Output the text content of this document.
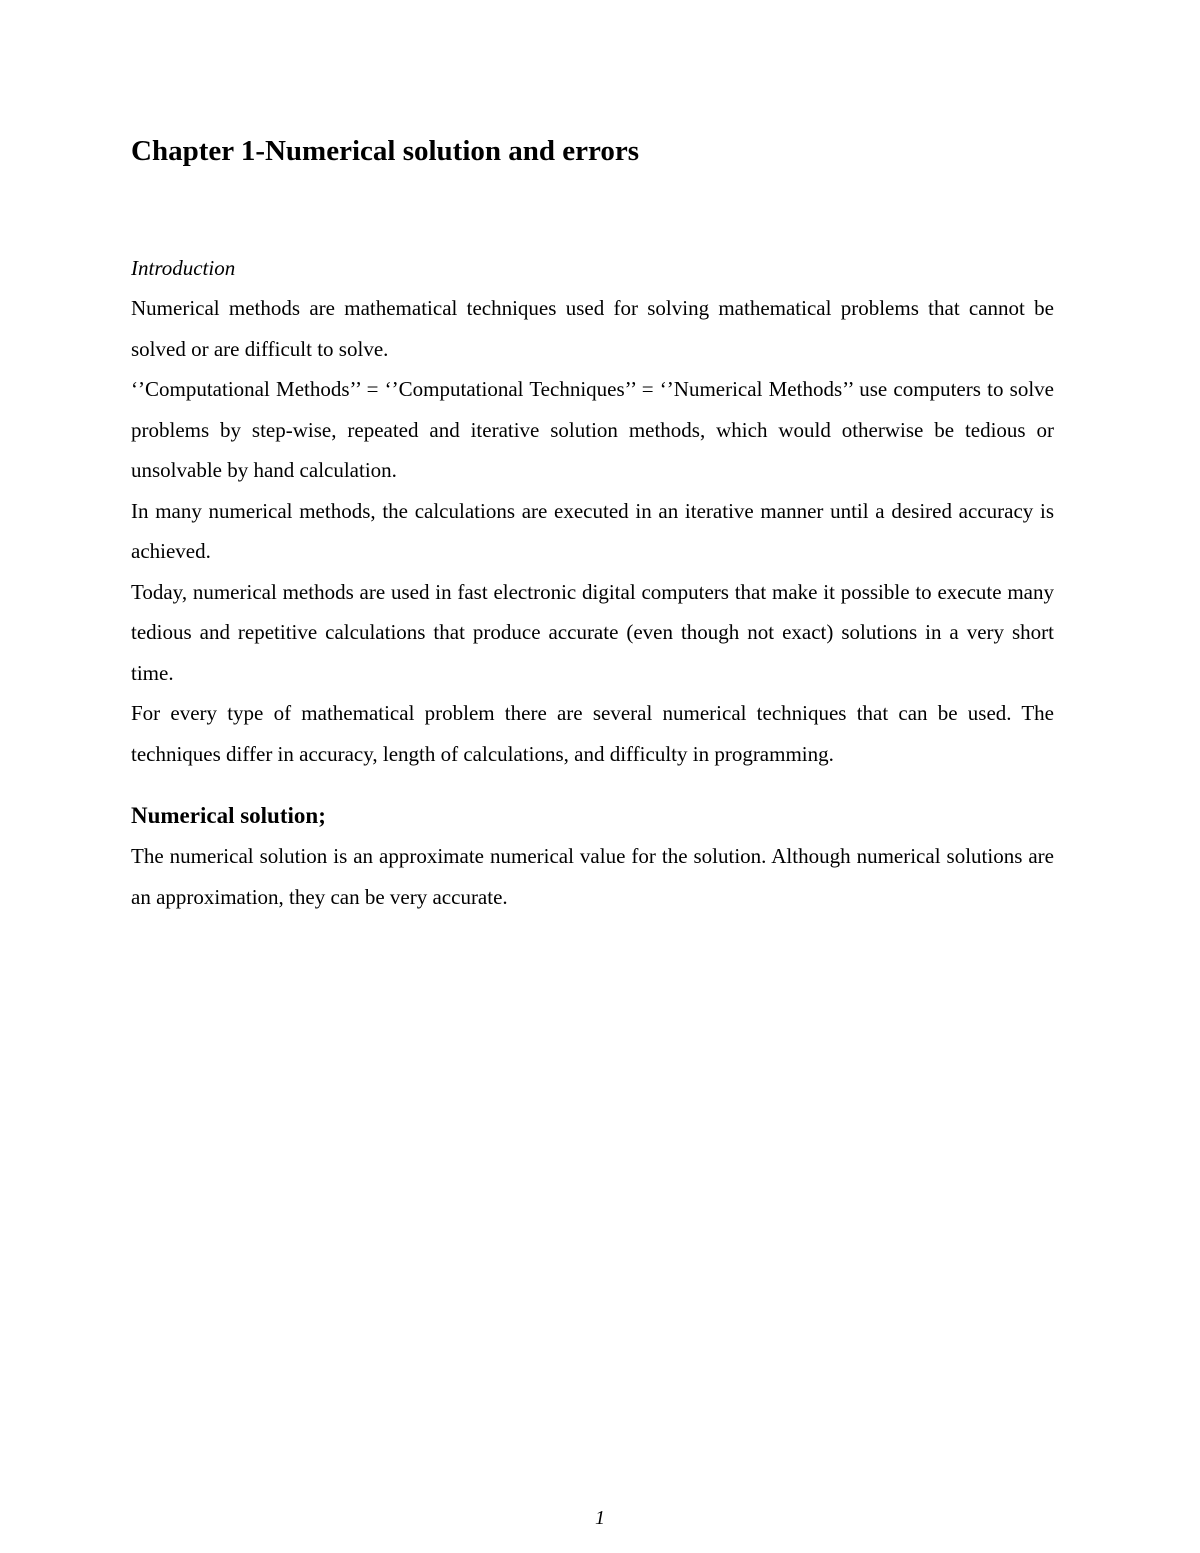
Chapter 1-Numerical solution and errors
Introduction

Numerical methods are mathematical techniques used for solving mathematical problems that cannot be solved or are difficult to solve.

‘’Computational Methods’’ = ‘’Computational Techniques’’ = ‘’Numerical Methods’’ use computers to solve problems by step-wise, repeated and iterative solution methods, which would otherwise be tedious or unsolvable by hand calculation.

In many numerical methods, the calculations are executed in an iterative manner until a desired accuracy is achieved.

Today, numerical methods are used in fast electronic digital computers that make it possible to execute many tedious and repetitive calculations that produce accurate (even though not exact) solutions in a very short time.

For every type of mathematical problem there are several numerical techniques that can be used. The techniques differ in accuracy, length of calculations, and difficulty in programming.

Numerical solution;

The numerical solution is an approximate numerical value for the solution. Although numerical solutions are an approximation, they can be very accurate.

1
